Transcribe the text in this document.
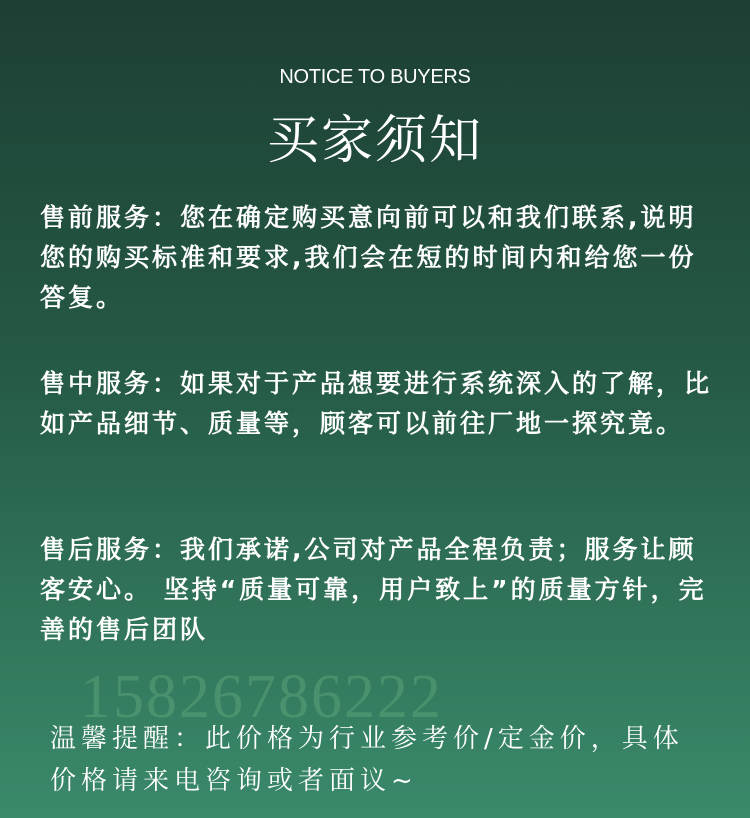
NOTICE TO BUYERS
买家须知
售前服务：您在确定购买意向前可以和我们联系,说明您的购买标准和要求,我们会在短的时间内和给您一份答复。
售中服务：如果对于产品想要进行系统深入的了解，比如产品细节、质量等，顾客可以前往厂地一探究竟。
售后服务：我们承诺,公司对产品全程负责；服务让顾客安心。 坚持“质量可靠，用户致上”的质量方针，完善的售后团队
15826786222
温馨提醒：此价格为行业参考价/定金价，具体价格请来电咨询或者面议~
